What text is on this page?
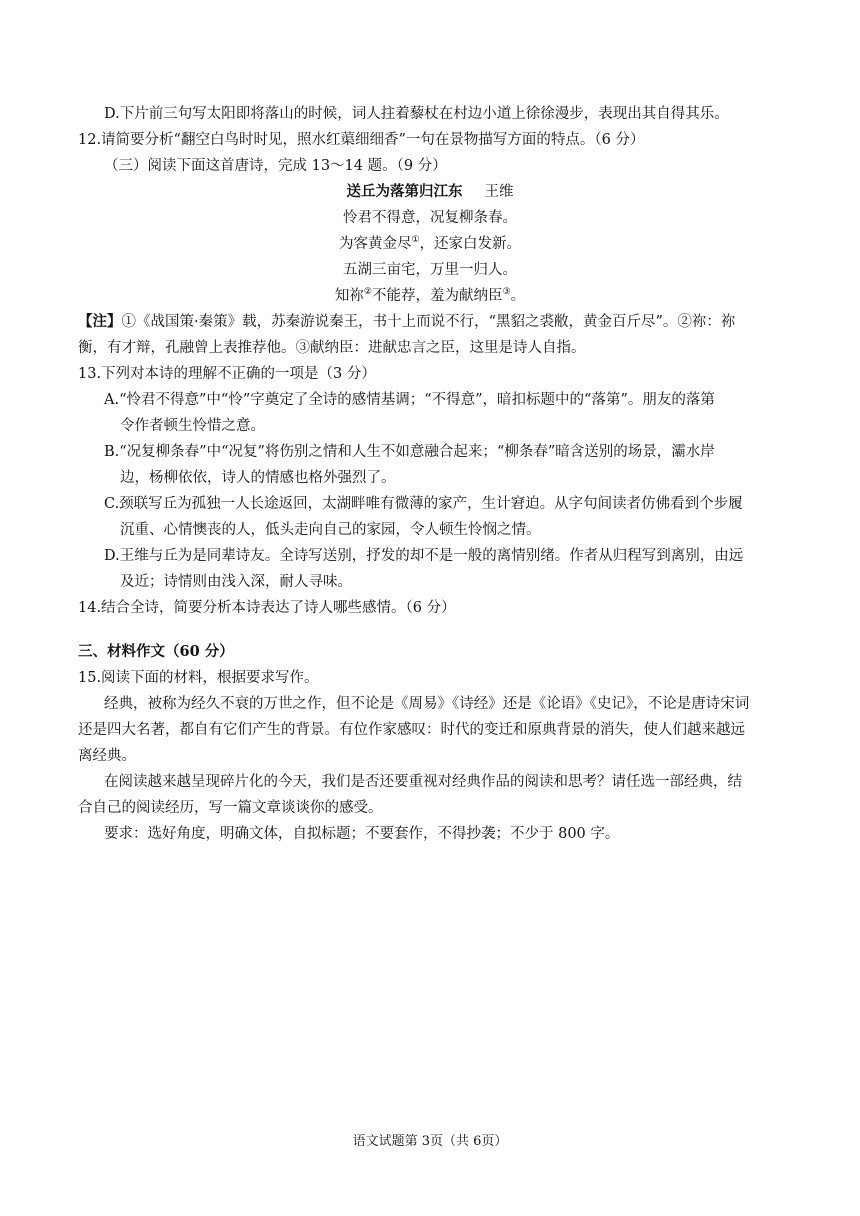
D.下片前三句写太阳即将落山的时候，词人拄着藜杖在村边小道上徐徐漫步，表现出其自得其乐。
12.请简要分析“翻空白鸟时时见，照水红蕖细细香”一句在景物描写方面的特点。（6 分）
（三）阅读下面这首唐诗，完成 13～14 题。（9 分）
送丘为落第归江东 王维
怜君不得意，况复柳条春。
为客黄金尽①，还家白发新。
五湖三亩宅，万里一归人。
知祢②不能荐，羞为献纳臣③。
【注】①《战国策·秦策》载，苏秦游说秦王，书十上而说不行，“黑貂之裘敝，黄金百斤尽”。②祢：祢
衡，有才辩，孔融曾上表推荐他。③献纳臣：进献忠言之臣，这里是诗人自指。
13.下列对本诗的理解不正确的一项是（3 分）
A.“怜君不得意”中“怜”字奠定了全诗的感情基调；“不得意”，暗扣标题中的“落第”。朋友的落第
令作者顿生怜惜之意。
B.“况复柳条春”中“况复”将伤别之情和人生不如意融合起来；“柳条春”暗含送别的场景，灞水岸
边，杨柳依依，诗人的情感也格外强烈了。
C.颈联写丘为孤独一人长途返回，太湖畔唯有微薄的家产，生计窘迫。从字句间读者仿佛看到个步履
沉重、心情懊丧的人，低头走向自己的家园，令人顿生怜悯之情。
D.王维与丘为是同辈诗友。全诗写送别，抒发的却不是一般的离情别绪。作者从归程写到离别，由远
及近；诗情则由浅入深，耐人寻味。
14.结合全诗，简要分析本诗表达了诗人哪些感情。（6 分）
三、材料作文（60 分）
15.阅读下面的材料，根据要求写作。
经典，被称为经久不衰的万世之作，但不论是《周易》《诗经》还是《论语》《史记》，不论是唐诗宋词
还是四大名著，都自有它们产生的背景。有位作家感叹：时代的变迁和原典背景的消失，使人们越来越远
离经典。
在阅读越来越呈现碎片化的今天，我们是否还要重视对经典作品的阅读和思考？请任选一部经典，结
合自己的阅读经历，写一篇文章谈谈你的感受。
要求：选好角度，明确文体，自拟标题；不要套作，不得抄袭；不少于 800 字。
语文试题第 3页（共 6页）
